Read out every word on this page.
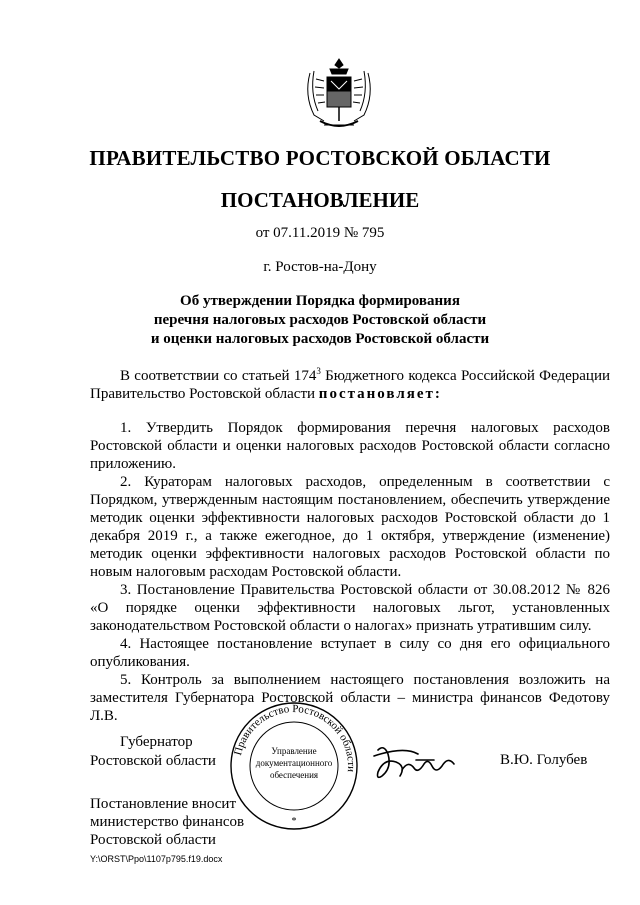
ПРАВИТЕЛЬСТВО РОСТОВСКОЙ ОБЛАСТИ
ПОСТАНОВЛЕНИЕ
от 07.11.2019 № 795
г. Ростов-на-Дону
Об утверждении Порядка формирования
перечня налоговых расходов Ростовской области
и оценки налоговых расходов Ростовской области

В соответствии со статьей $174^3$ Бюджетного кодекса Российской Федерации Правительство Ростовской области постановляет:

1. Утвердить Порядок формирования перечня налоговых расходов Ростовской области и оценки налоговых расходов Ростовской области согласно приложению.

2. Кураторам налоговых расходов, определенным в соответствии с Порядком, утвержденным настоящим постановлением, обеспечить утверждение методик оценки эффективности налоговых расходов Ростовской области до 1 декабря 2019 г., а также ежегодное, до 1 октября, утверждение (изменение) методик оценки эффективности налоговых расходов Ростовской области по новым налоговым расходам Ростовской области.

3. Постановление Правительства Ростовской области от 30.08.2012 № 826 «О порядке оценки эффективности налоговых льгот, установленных законодательством Ростовской области о налогах» признать утратившим силу.

4. Настоящее постановление вступает в силу со дня его официального опубликования.

5. Контроль за выполнением настоящего постановления возложить на заместителя Губернатора Ростовской области – министра финансов Федотову Л.В.

Губернатор
Ростовской области
Правительство Ростовской области
Управление
документационного
обеспечения
*
В.Ю. Голубев
Постановление вносит
министерство финансов
Ростовской области
Y:\ORST\Ppo\1107p795.f19.docx
